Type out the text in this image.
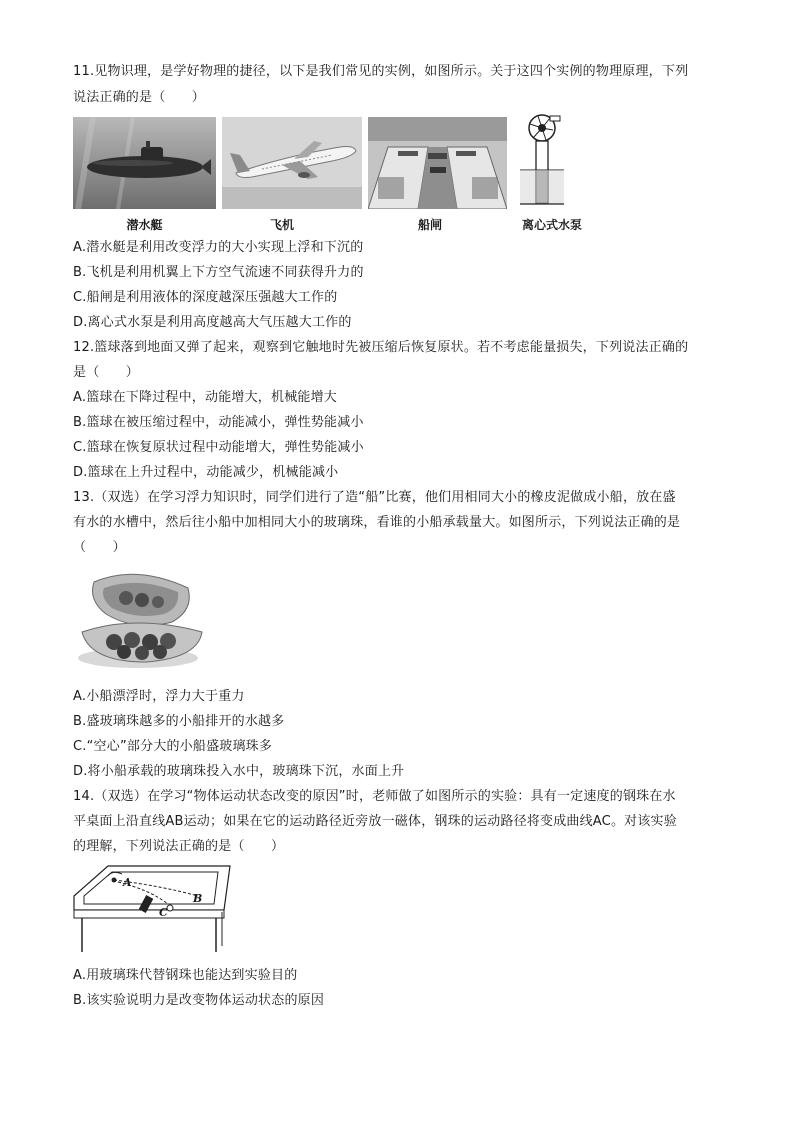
11.见物识理，是学好物理的捷径，以下是我们常见的实例，如图所示。关于这四个实例的物理原理，下列
说法正确的是（　　）
潜水艇	飞机	船闸	离心式水泵
A.潜水艇是利用改变浮力的大小实现上浮和下沉的
B.飞机是利用机翼上下方空气流速不同获得升力的
C.船闸是利用液体的深度越深压强越大工作的
D.离心式水泵是利用高度越高大气压越大工作的
12.篮球落到地面又弹了起来，观察到它触地时先被压缩后恢复原状。若不考虑能量损失，下列说法正确的
是（　　）
A.篮球在下降过程中，动能增大，机械能增大
B.篮球在被压缩过程中，动能减小，弹性势能减小
C.篮球在恢复原状过程中动能增大，弹性势能减小
D.篮球在上升过程中，动能减少，机械能减小
13.（双选）在学习浮力知识时，同学们进行了造“船”比赛，他们用相同大小的橡皮泥做成小船，放在盛
有水的水槽中，然后往小船中加相同大小的玻璃珠，看谁的小船承载量大。如图所示，下列说法正确的是
（　　）
A.小船漂浮时，浮力大于重力
B.盛玻璃珠越多的小船排开的水越多
C.“空心”部分大的小船盛玻璃珠多
D.将小船承载的玻璃珠投入水中，玻璃珠下沉，水面上升
14.（双选）在学习“物体运动状态改变的原因”时，老师做了如图所示的实验：具有一定速度的钢珠在水
平桌面上沿直线AB运动；如果在它的运动路径近旁放一磁体，钢珠的运动路径将变成曲线AC。对该实验
的理解，下列说法正确的是（　　）
A
B
C
A.用玻璃珠代替钢珠也能达到实验目的
B.该实验说明力是改变物体运动状态的原因
